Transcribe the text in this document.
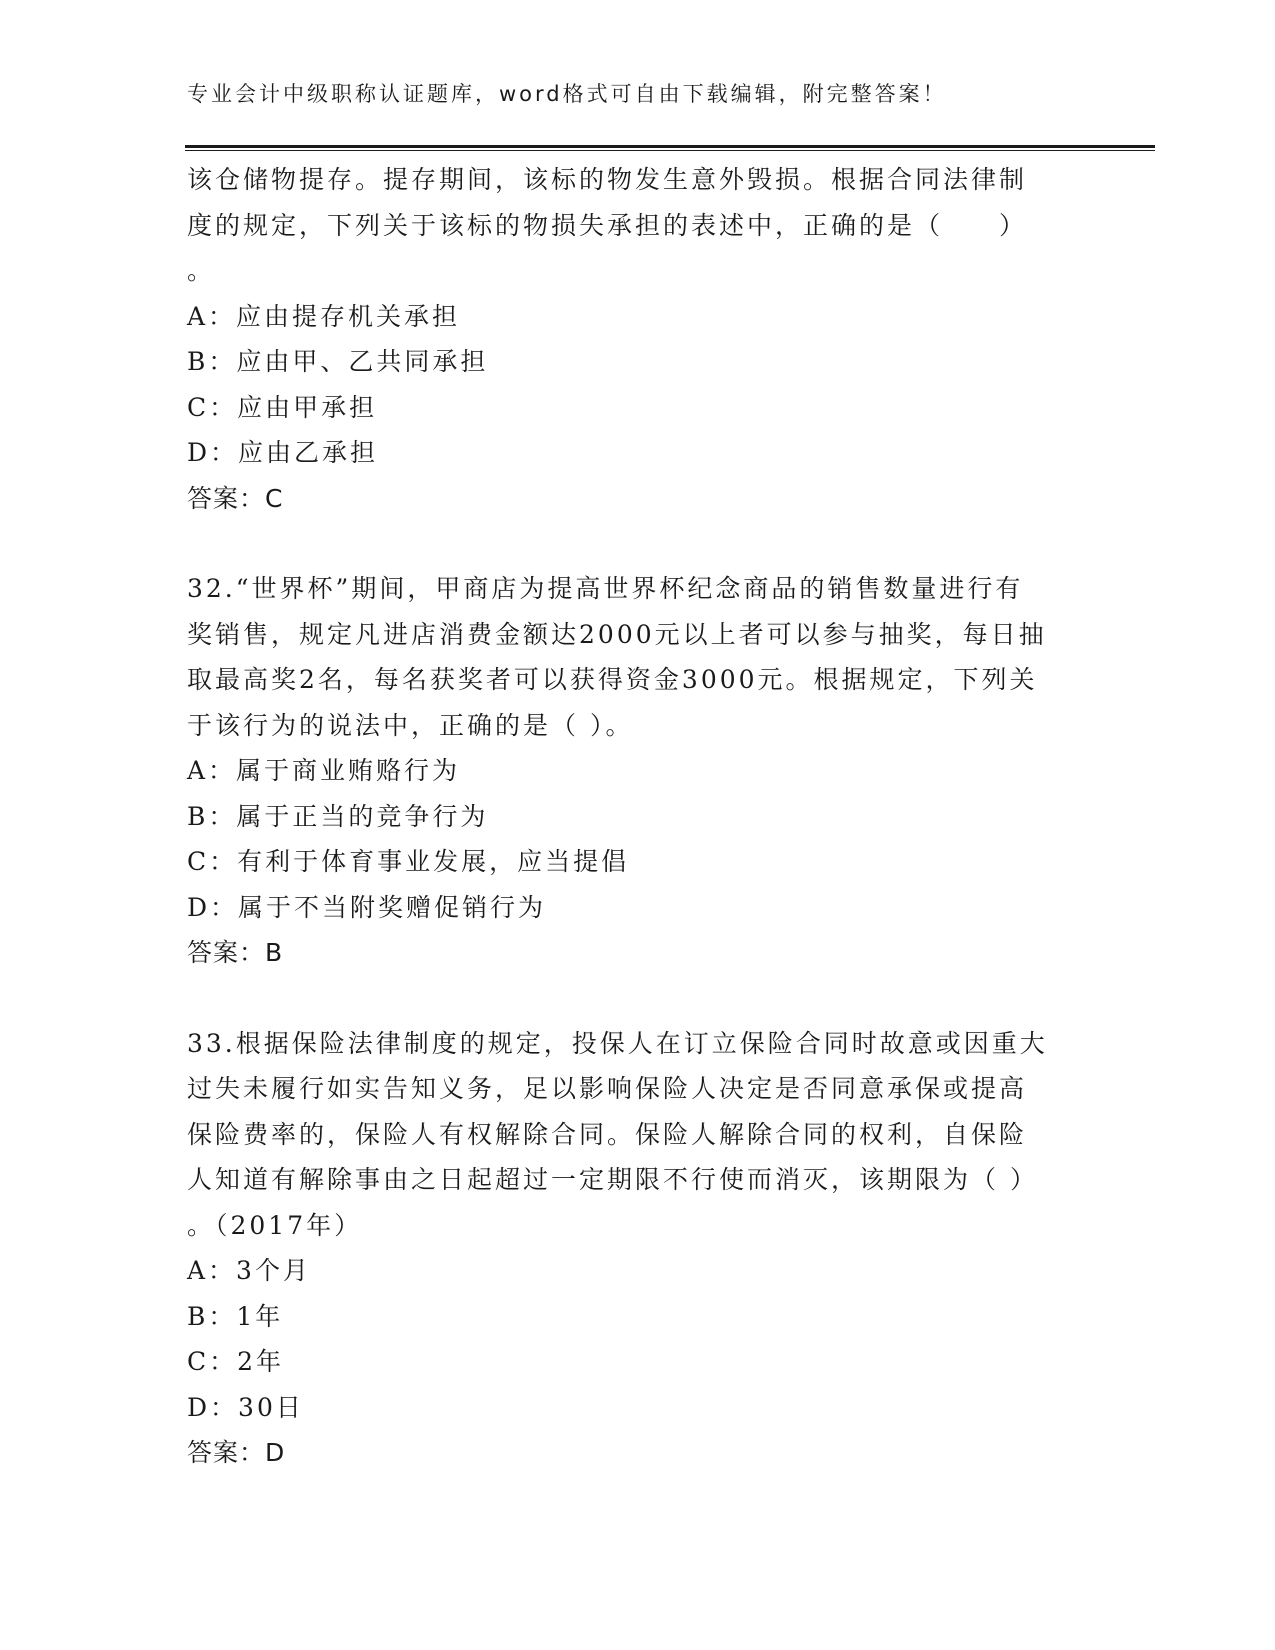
专业会计中级职称认证题库，word格式可自由下载编辑，附完整答案！
该仓储物提存。提存期间，该标的物发生意外毁损。根据合同法律制
度的规定，下列关于该标的物损失承担的表述中，正确的是（　　）
。
A：应由提存机关承担
B：应由甲、乙共同承担
C：应由甲承担
D：应由乙承担
答案：C
32.“世界杯”期间，甲商店为提高世界杯纪念商品的销售数量进行有
奖销售，规定凡进店消费金额达2000元以上者可以参与抽奖，每日抽
取最高奖2名，每名获奖者可以获得资金3000元。根据规定，下列关
于该行为的说法中，正确的是（ ）。
A：属于商业贿赂行为
B：属于正当的竞争行为
C：有利于体育事业发展，应当提倡
D：属于不当附奖赠促销行为
答案：B
33.根据保险法律制度的规定，投保人在订立保险合同时故意或因重大
过失未履行如实告知义务，足以影响保险人决定是否同意承保或提高
保险费率的，保险人有权解除合同。保险人解除合同的权利，自保险
人知道有解除事由之日起超过一定期限不行使而消灭，该期限为（ ）
。（2017年）
A：3个月
B：1年
C：2年
D：30日
答案：D
